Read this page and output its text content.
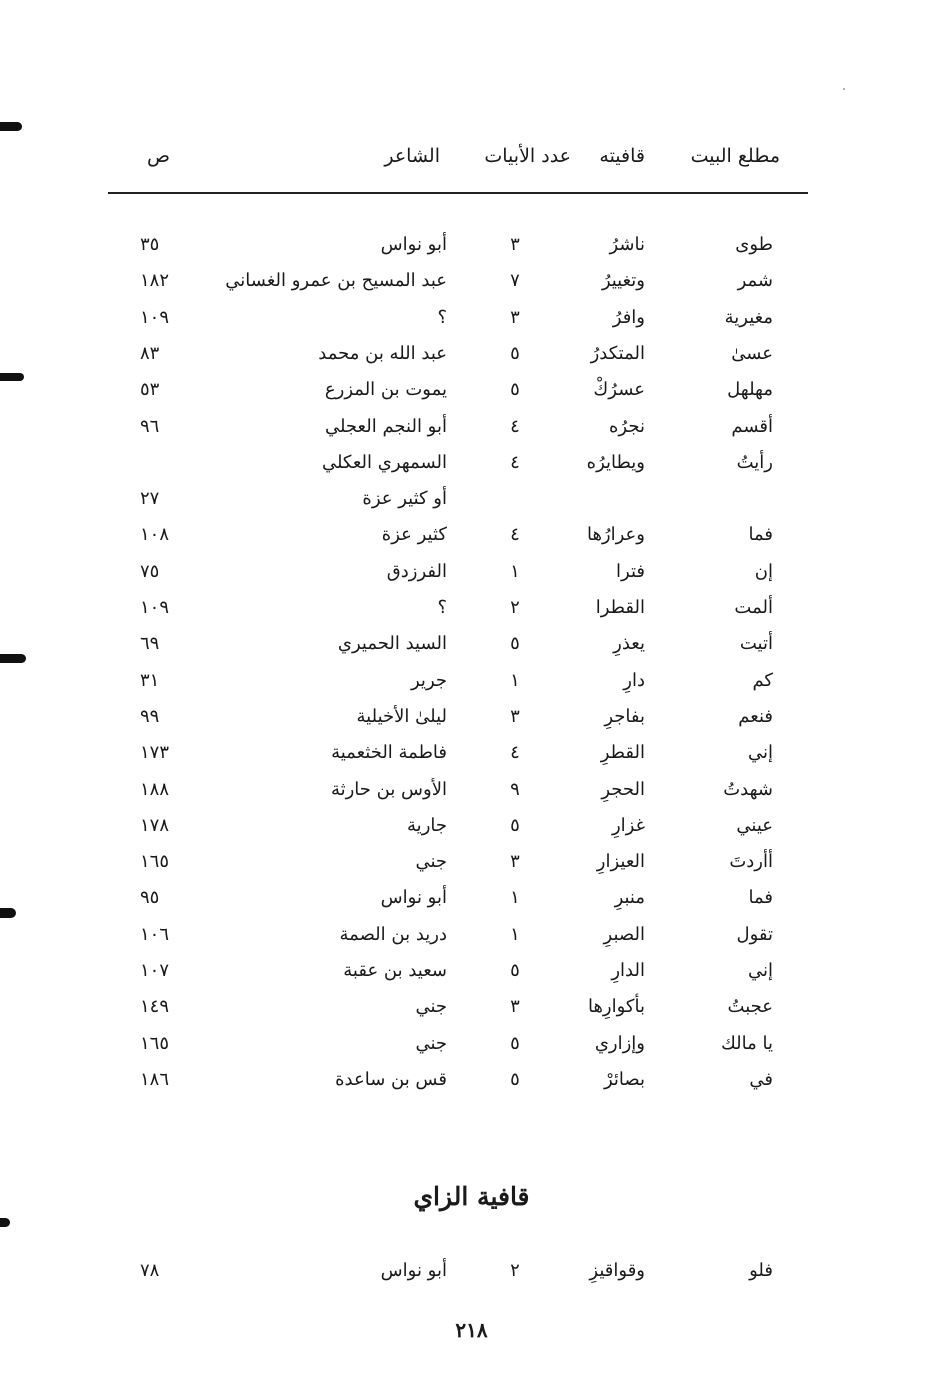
مطلع البيت
قافيته
عدد الأبيات
الشاعر
ص
طوى
ناشرُ
٣
أبو نواس
٣٥
شمر
وتغييرُ
٧
عبد المسيح بن عمرو الغساني
١٨٢
مغيرية
وافرُ
٣
؟
١٠٩
عسىٰ
المتكدرُ
٥
عبد الله بن محمد
٨٣
مهلهل
عسرُكْ
٥
يموت بن المزرع
٥٣
أقسم
نجرُه
٤
أبو النجم العجلي
٩٦
رأيتُ
ويطايرُه
٤
السمهري العكلي
أو كثير عزة
٢٧
فما
وعرارُها
٤
كثير عزة
١٠٨
إن
فترا
١
الفرزدق
٧٥
ألمت
القطرا
٢
؟
١٠٩
أتيت
يعذرِ
٥
السيد الحميري
٦٩
كم
دارِ
١
جرير
٣١
فنعم
بفاجرِ
٣
ليلىٰ الأخيلية
٩٩
إني
القطرِ
٤
فاطمة الخثعمية
١٧٣
شهدتُ
الحجرِ
٩
الأوس بن حارثة
١٨٨
عيني
غزارِ
٥
جارية
١٧٨
أأردتَ
العيزارِ
٣
جني
١٦٥
فما
منبرِ
١
أبو نواس
٩٥
تقول
الصبرِ
١
دريد بن الصمة
١٠٦
إني
الدارِ
٥
سعيد بن عقبة
١٠٧
عجبتُ
بأكوارِها
٣
جني
١٤٩
يا مالك
وإزاري
٥
جني
١٦٥
في
بصائرْ
٥
قس بن ساعدة
١٨٦
قافية الزاي
فلو
وقواقيزِ
٢
أبو نواس
٧٨
٢١٨
